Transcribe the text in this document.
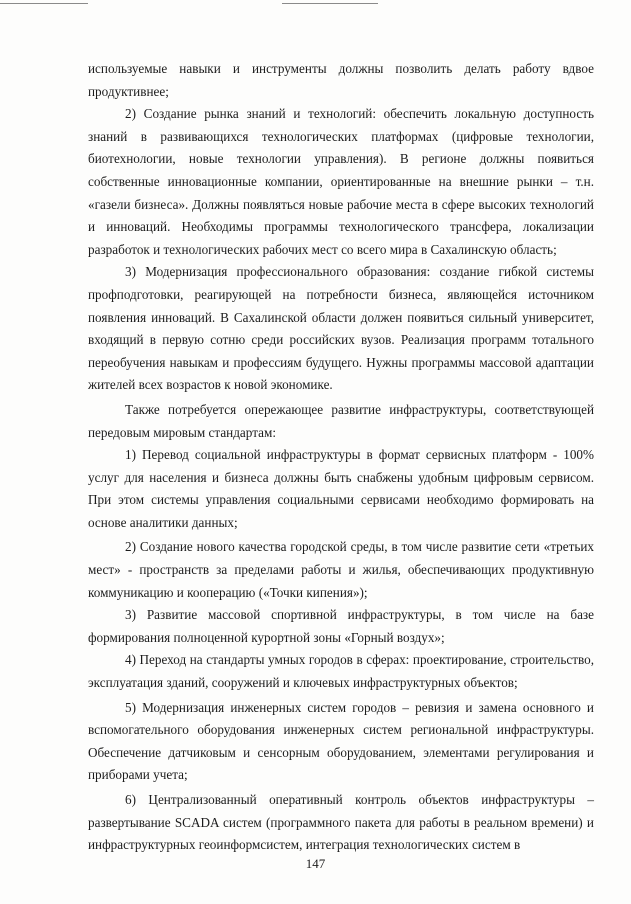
используемые навыки и инструменты должны позволить делать работу вдвое продуктивнее;

2) Создание рынка знаний и технологий: обеспечить локальную доступность знаний в развивающихся технологических платформах (цифровые технологии, биотехнологии, новые технологии управления). В регионе должны появиться собственные инновационные компании, ориентированные на внешние рынки – т.н. «газели бизнеса». Должны появляться новые рабочие места в сфере высоких технологий и инноваций. Необходимы программы технологического трансфера, локализации разработок и технологических рабочих мест со всего мира в Сахалинскую область;

3) Модернизация профессионального образования: создание гибкой системы профподготовки, реагирующей на потребности бизнеса, являющейся источником появления инноваций. В Сахалинской области должен появиться сильный университет, входящий в первую сотню среди российских вузов. Реализация программ тотального переобучения навыкам и профессиям будущего. Нужны программы массовой адаптации жителей всех возрастов к новой экономике.

Также потребуется опережающее развитие инфраструктуры, соответствующей передовым мировым стандартам:

1) Перевод социальной инфраструктуры в формат сервисных платформ - 100% услуг для населения и бизнеса должны быть снабжены удобным цифровым сервисом. При этом системы управления социальными сервисами необходимо формировать на основе аналитики данных;

2) Создание нового качества городской среды, в том числе развитие сети «третьих мест» - пространств за пределами работы и жилья, обеспечивающих продуктивную коммуникацию и кооперацию («Точки кипения»);

3) Развитие массовой спортивной инфраструктуры, в том числе на базе формирования полноценной курортной зоны «Горный воздух»;

4) Переход на стандарты умных городов в сферах: проектирование, строительство, эксплуатация зданий, сооружений и ключевых инфраструктурных объектов;

5) Модернизация инженерных систем городов – ревизия и замена основного и вспомогательного оборудования инженерных систем региональной инфраструктуры. Обеспечение датчиковым и сенсорным оборудованием, элементами регулирования и приборами учета;

6) Централизованный оперативный контроль объектов инфраструктуры – развертывание SCADA систем (программного пакета для работы в реальном времени) и инфраструктурных геоинформсистем, интеграция технологических систем в

147
